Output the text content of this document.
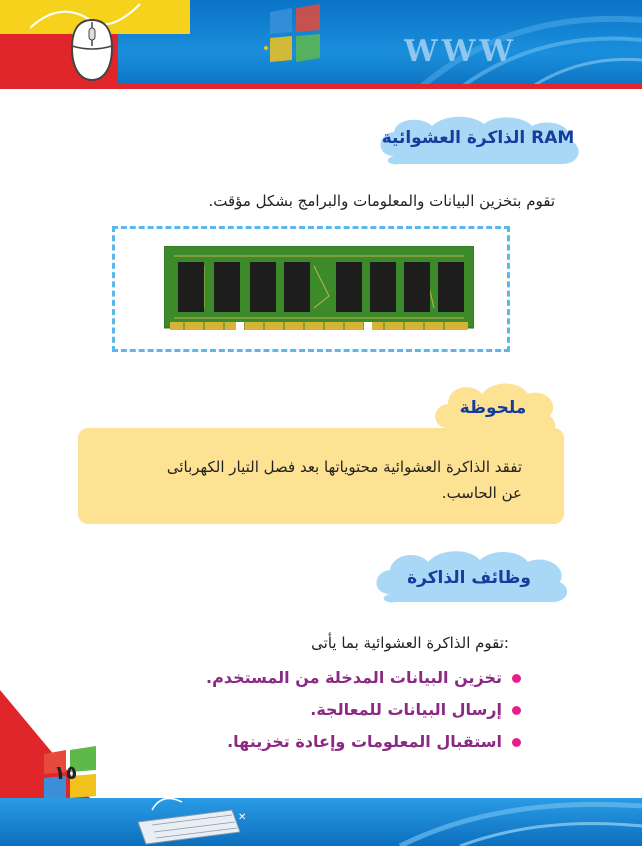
WWW
الذاكرة العشوائية RAM
تقوم بتخزين البيانات والمعلومات والبرامج بشكل مؤقت.
ملحوظة
تفقد الذاكرة العشوائية محتوياتها بعد فصل التيار الكهربائى
عن الحاسب.
وظائف الذاكرة
:تقوم الذاكرة العشوائية بما يأتى
تخزين البيانات المدخلة من المستخدم.
إرسال البيانات للمعالجة.
استقبال المعلومات وإعادة تخزينها.
١٥
✕
